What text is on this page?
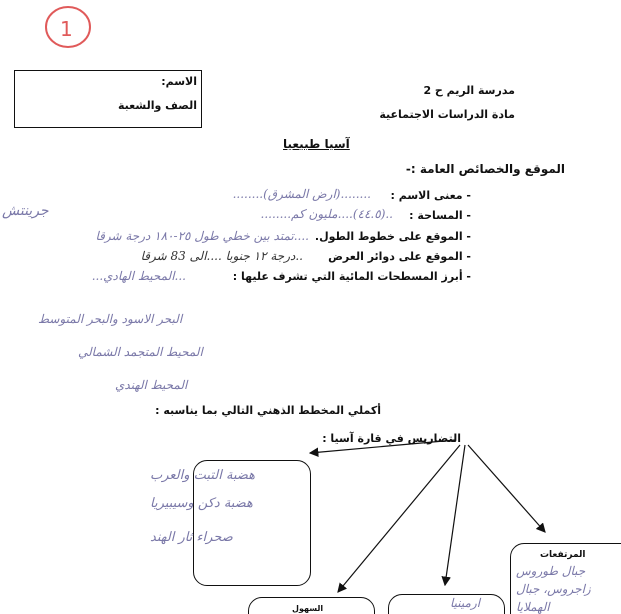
1
الاسم:
الصف والشعبة
مدرسة الريم ح 2
مادة الدراسات الاجتماعية
آسيا طبيعيا
الموقع والخصائص العامة :-
- معنى الاسم :
........(ارض المشرق)........
- المساحة :
..(٤٤.٥)....مليون كم........
- الموقع على خطوط الطول.
....تمتد بين خطي طول ٢٥-١٨٠ درجة شرقا
- الموقع على دوائر العرض
..درجة ١٢ جنوبا ....الى 83 شرقا
- أبرز المسطحات المائية التي تشرف عليها :
...المحيط الهادي...
جرينتش
البحر الاسود والبحر المتوسط
المحيط المتجمد الشمالي
المحيط الهندي
أكملي المخطط الذهني التالي بما يناسبه :
التضاريس في قارة آسيا :
هضبة التبت والعرب
هضبة دكن وسيبيريا
صحراء ثار الهند
المرتفعات
جبال طوروس
زاجروس، جبال
الهملايا
ارمينيا
السهول
